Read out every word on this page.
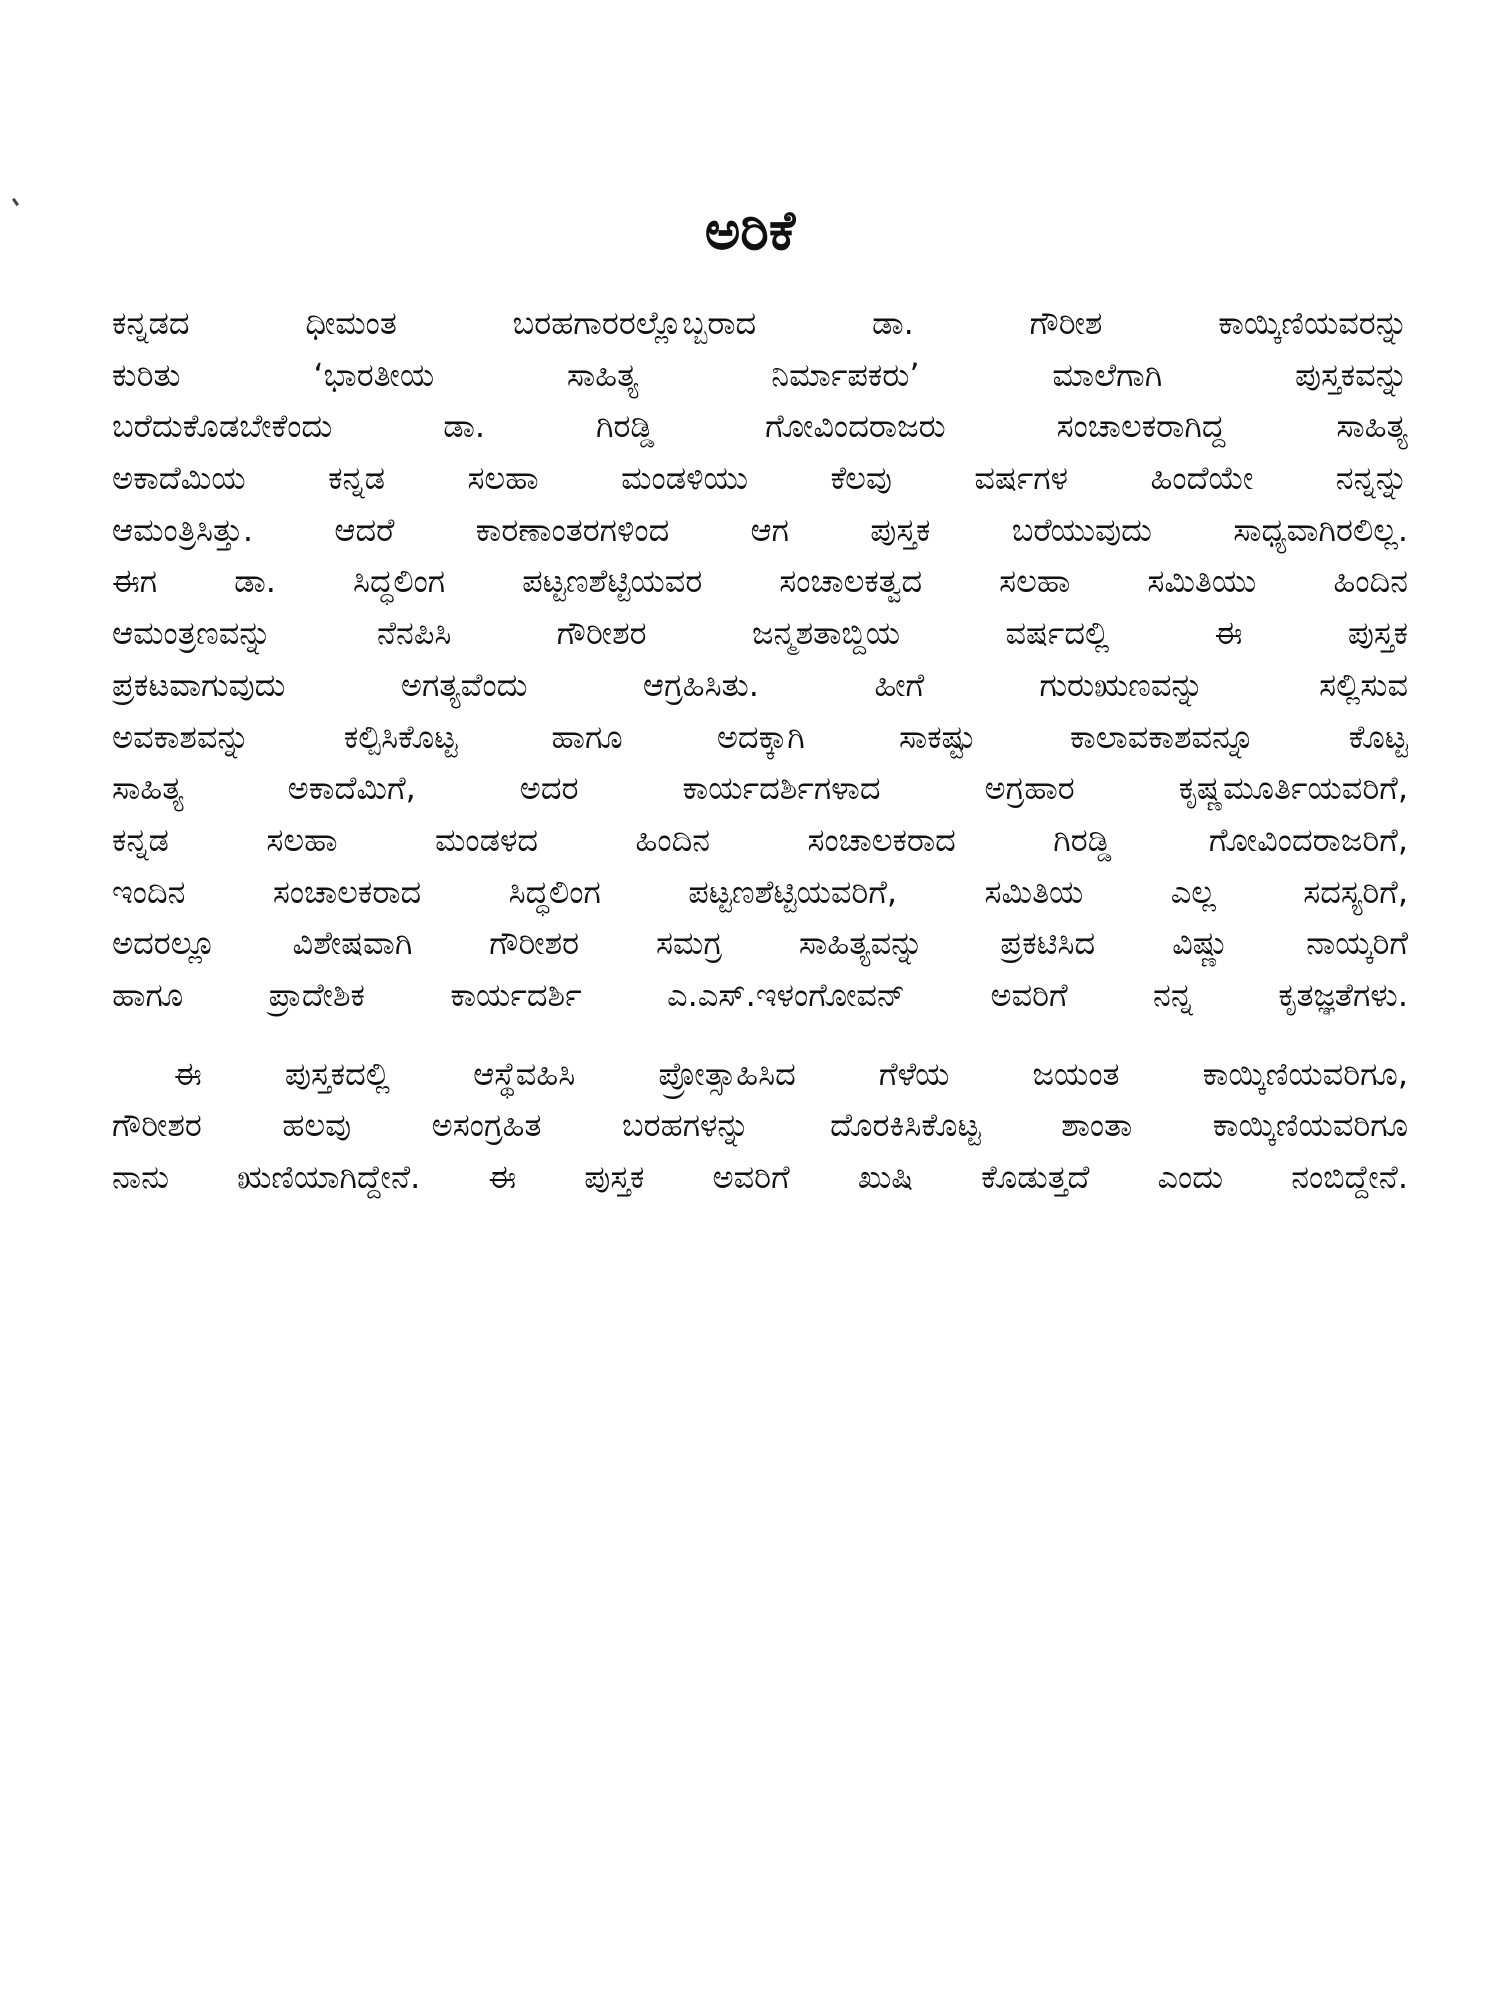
ಅರಿಕೆ
ಕನ್ನಡದ ಧೀಮಂತ ಬರಹಗಾರರಲ್ಲೊಬ್ಬರಾದ ಡಾ. ಗೌರೀಶ ಕಾಯ್ಕಿಣಿಯವರನ್ನು
ಕುರಿತು ‘ಭಾರತೀಯ ಸಾಹಿತ್ಯ ನಿರ್ಮಾಪಕರು’ ಮಾಲೆಗಾಗಿ ಪುಸ್ತಕವನ್ನು
ಬರೆದುಕೊಡಬೇಕೆಂದು ಡಾ. ಗಿರಡ್ಡಿ ಗೋವಿಂದರಾಜರು ಸಂಚಾಲಕರಾಗಿದ್ದ ಸಾಹಿತ್ಯ
ಅಕಾದೆಮಿಯ ಕನ್ನಡ ಸಲಹಾ ಮಂಡಳಿಯು ಕೆಲವು ವರ್ಷಗಳ ಹಿಂದೆಯೇ ನನ್ನನ್ನು
ಆಮಂತ್ರಿಸಿತ್ತು. ಆದರೆ ಕಾರಣಾಂತರಗಳಿಂದ ಆಗ ಪುಸ್ತಕ ಬರೆಯುವುದು ಸಾಧ್ಯವಾಗಿರಲಿಲ್ಲ.
ಈಗ ಡಾ. ಸಿದ್ಧಲಿಂಗ ಪಟ್ಟಣಶೆಟ್ಟಿಯವರ ಸಂಚಾಲಕತ್ವದ ಸಲಹಾ ಸಮಿತಿಯು ಹಿಂದಿನ
ಆಮಂತ್ರಣವನ್ನು ನೆನಪಿಸಿ ಗೌರೀಶರ ಜನ್ಮಶತಾಬ್ದಿಯ ವರ್ಷದಲ್ಲಿ ಈ ಪುಸ್ತಕ
ಪ್ರಕಟವಾಗುವುದು ಅಗತ್ಯವೆಂದು ಆಗ್ರಹಿಸಿತು. ಹೀಗೆ ಗುರುಋಣವನ್ನು ಸಲ್ಲಿಸುವ
ಅವಕಾಶವನ್ನು ಕಲ್ಪಿಸಿಕೊಟ್ಟ ಹಾಗೂ ಅದಕ್ಕಾಗಿ ಸಾಕಷ್ಟು ಕಾಲಾವಕಾಶವನ್ನೂ ಕೊಟ್ಟ
ಸಾಹಿತ್ಯ ಅಕಾದೆಮಿಗೆ, ಅದರ ಕಾರ್ಯದರ್ಶಿಗಳಾದ ಅಗ್ರಹಾರ ಕೃಷ್ಣಮೂರ್ತಿಯವರಿಗೆ,
ಕನ್ನಡ ಸಲಹಾ ಮಂಡಳದ ಹಿಂದಿನ ಸಂಚಾಲಕರಾದ ಗಿರಡ್ಡಿ ಗೋವಿಂದರಾಜರಿಗೆ,
ಇಂದಿನ ಸಂಚಾಲಕರಾದ ಸಿದ್ಧಲಿಂಗ ಪಟ್ಟಣಶೆಟ್ಟಿಯವರಿಗೆ, ಸಮಿತಿಯ ಎಲ್ಲ ಸದಸ್ಯರಿಗೆ,
ಅದರಲ್ಲೂ ವಿಶೇಷವಾಗಿ ಗೌರೀಶರ ಸಮಗ್ರ ಸಾಹಿತ್ಯವನ್ನು ಪ್ರಕಟಿಸಿದ ವಿಷ್ಣು ನಾಯ್ಕರಿಗೆ
ಹಾಗೂ ಪ್ರಾದೇಶಿಕ ಕಾರ್ಯದರ್ಶಿ ಎ.ಎಸ್.ಇಳಂಗೋವನ್ ಅವರಿಗೆ ನನ್ನ ಕೃತಜ್ಞತೆಗಳು.
ಈ ಪುಸ್ತಕದಲ್ಲಿ ಆಸ್ಥೆವಹಿಸಿ ಪ್ರೋತ್ಸಾಹಿಸಿದ ಗೆಳೆಯ ಜಯಂತ ಕಾಯ್ಕಿಣಿಯವರಿಗೂ,
ಗೌರೀಶರ ಹಲವು ಅಸಂಗ್ರಹಿತ ಬರಹಗಳನ್ನು ದೊರಕಿಸಿಕೊಟ್ಟ ಶಾಂತಾ ಕಾಯ್ಕಿಣಿಯವರಿಗೂ
ನಾನು ಋಣಿಯಾಗಿದ್ದೇನೆ. ಈ ಪುಸ್ತಕ ಅವರಿಗೆ ಖುಷಿ ಕೊಡುತ್ತದೆ ಎಂದು ನಂಬಿದ್ದೇನೆ.
